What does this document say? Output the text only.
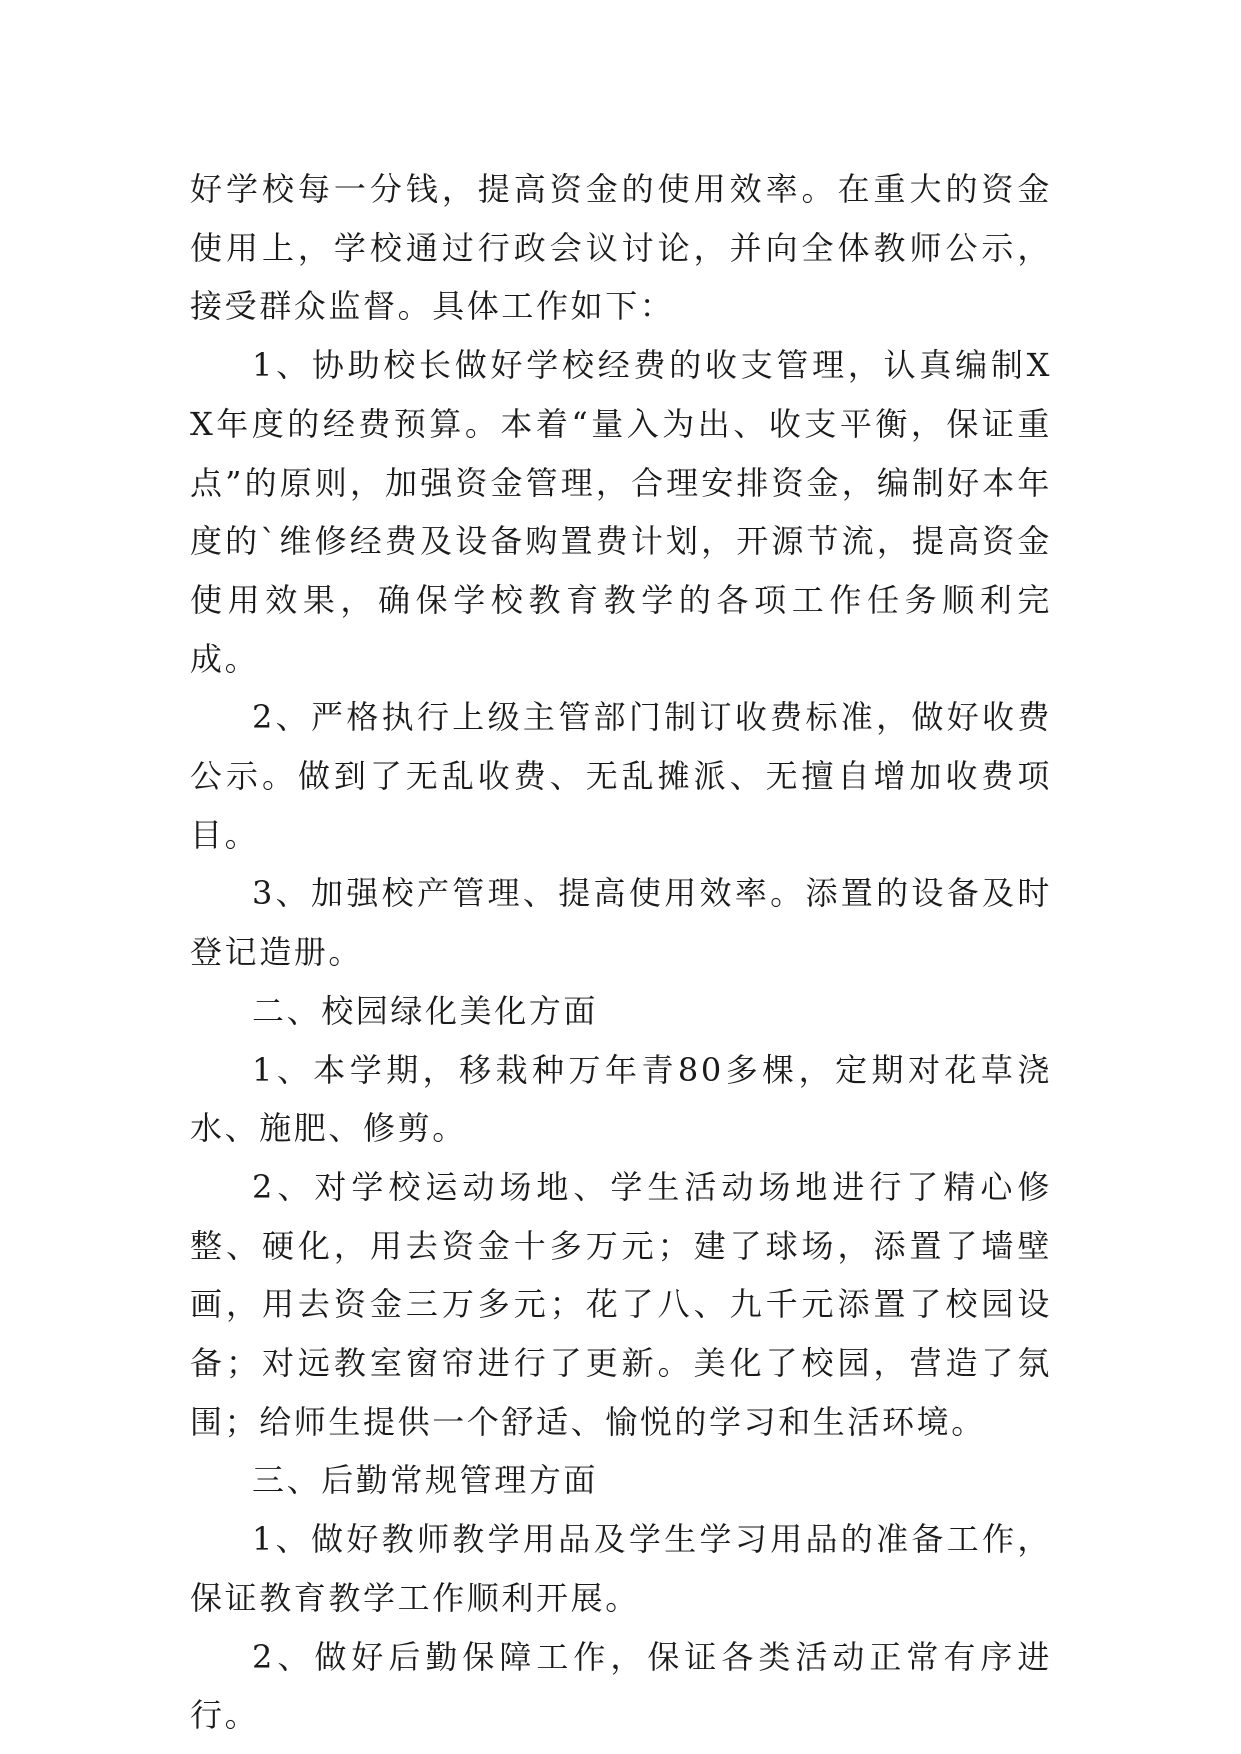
好学校每一分钱，提高资金的使用效率。在重大的资金使用上，学校通过行政会议讨论，并向全体教师公示，接受群众监督。具体工作如下：

1、协助校长做好学校经费的收支管理，认真编制XX年度的经费预算。本着“量入为出、收支平衡，保证重点”的原则，加强资金管理，合理安排资金，编制好本年度的`维修经费及设备购置费计划，开源节流，提高资金使用效果，确保学校教育教学的各项工作任务顺利完成。

2、严格执行上级主管部门制订收费标准，做好收费公示。做到了无乱收费、无乱摊派、无擅自增加收费项目。

3、加强校产管理、提高使用效率。添置的设备及时登记造册。

二、校园绿化美化方面

1、本学期，移栽种万年青80多棵，定期对花草浇水、施肥、修剪。

2、对学校运动场地、学生活动场地进行了精心修整、硬化，用去资金十多万元；建了球场，添置了墙壁画，用去资金三万多元；花了八、九千元添置了校园设备；对远教室窗帘进行了更新。美化了校园，营造了氛围；给师生提供一个舒适、愉悦的学习和生活环境。

三、后勤常规管理方面

1、做好教师教学用品及学生学习用品的准备工作，保证教育教学工作顺利开展。

2、做好后勤保障工作，保证各类活动正常有序进行。
